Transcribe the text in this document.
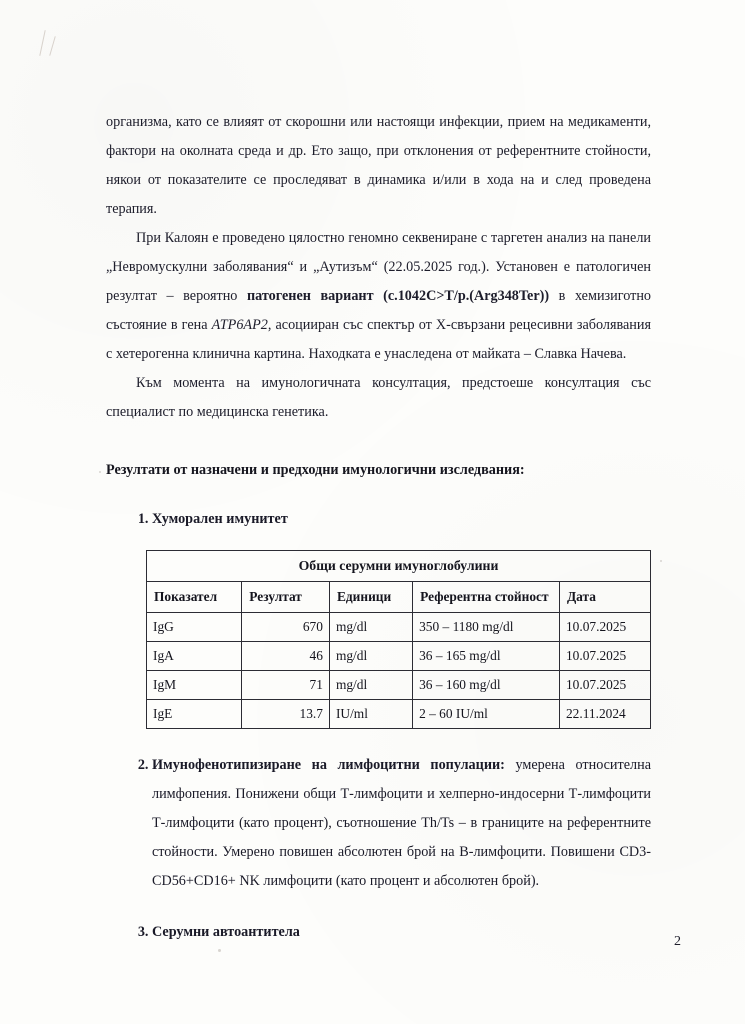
организма, като се влияят от скорошни или настоящи инфекции, прием на медикаменти, фактори на околната среда и др. Ето защо, при отклонения от референтните стойности, някои от показателите се проследяват в динамика и/или в хода на и след проведена терапия.

При Калоян е проведено цялостно геномно секвениране с таргетен анализ на панели „Невромускулни заболявания“ и „Аутизъм“ (22.05.2025 год.). Установен е патологичен резултат – вероятно патогенен вариант (c.1042C>T/p.(Arg348Ter)) в хемизиготно състояние в гена ATP6AP2, асоцииран със спектър от X-свързани рецесивни заболявания с хетерогенна клинична картина. Находката е унаследена от майката – Славка Начева.

Към момента на имунологичната консултация, предстоеше консултация със специалист по медицинска генетика.

Резултати от назначени и предходни имунологични изследвания:
1. Хуморален имунитет
Общи серумни имуноглобулини				
Показател	Резултат	Единици	Референтна стойност	Дата
IgG	670	mg/dl	350 – 1180 mg/dl	10.07.2025
IgA	46	mg/dl	36 – 165 mg/dl	10.07.2025
IgM	71	mg/dl	36 – 160 mg/dl	10.07.2025
IgE	13.7	IU/ml	2 – 60 IU/ml	22.11.2024
2. Имунофенотипизиране на лимфоцитни популации: умерена относителна лимфопения. Понижени общи Т-лимфоцити и хелперно-индосерни Т-лимфоцити Т-лимфоцити (като процент), съотношение Th/Ts – в границите на референтните стойности. Умерено повишен абсолютен брой на В-лимфоцити. Повишени CD3-CD56+CD16+ NK лимфоцити (като процент и абсолютен брой).
3. Серумни автоантитела
2
